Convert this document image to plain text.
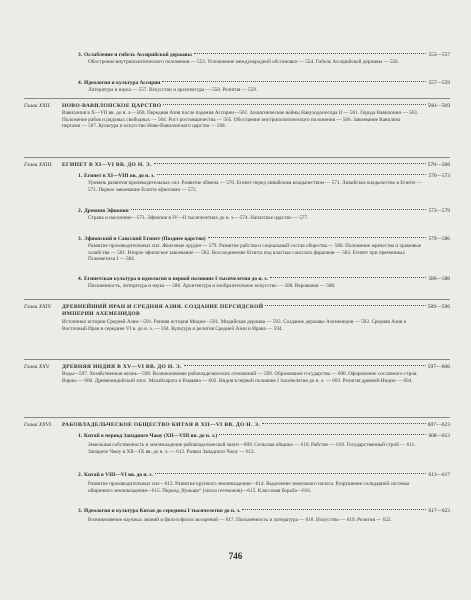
3. Ослабление и гибель Ассирийской державы	553—557
Обострение внутриполитического положения — 553. Усложнение международной обстановки — 554. Гибель Ассирийской державы — 556.
4. Идеология и культура Ассирии	557—559
Литература и наука — 557. Искусство и архитектура — 558. Религия — 559.
Глава XXII.	НОВО-ВАВИЛОНСКОЕ ЦАРСТВО	560—569
Вавилония в X—VII вв. до н. э.—560. Передняя Азия после падения Ассирии—561. Захватнические войны Навуходоносора II — 561. Города Вавилонии — 563. Положение рабов и рядовых свободных — 564. Рост ростовщичества — 565. Обострение внутриполитического положения — 566. Завоевание Вавилона персами — 567. Культура и искусство Ново-Вавилонского царства — 568.
Глава XXIII.	ЕГИПЕТ В XI—VI ВВ. ДО Н. Э.	570—588
1. Египет в XI—VIII вв. до н. э.	570—573
Уровень развития производительных сил. Развитие обмена — 570. Египет перед ливийским владычеством — 571. Ливийское владычество в Египте — 571. Первое завоевание Египта эфиопами — 572.
2. Древняя Эфиопия	573—579
Страна и население—573. Эфиопия в IV—II тысячелетиях до н. э.—574. Напатское царство — 577.
3. Эфиопский и Саисский Египет (Позднее царство)	579—586
Развитие производительных сил. Железные орудия — 579. Развитие рабства и социальный состав общества — 580. Положение жречества и храмовые хозяйства — 581. Второе эфиопское завоевание — 582. Воссоединение Египта под властью саисских фараонов — 583. Египет при преемниках Псамметиха I — 584.
4. Египетская культура и идеология в первой половине I тысячелетия до н. э.	586—588
Письменность, литература и наука — 586. Архитектура и изобразительное искусство — 588. Верования — 588.
Глава XXIV.	ДРЕВНЕЙШИЙ ИРАН И СРЕДНЯЯ АЗИЯ. СОЗДАНИЕ ПЕРСИДСКОЙ	589—596
ИМПЕРИИ АХЕМЕНИДОВ
Источники истории Средней Азии—591. Ранняя история Мидии—591. Мидийская держава — 593. Создание державы Ахеменидов — 593. Средняя Азия и Восточный Иран в середине VI в. до н. э. — 594. Культура и религия Средней Азии и Ирана — 594.
Глава XXV.	ДРЕВНЯЯ ИНДИЯ В XV—VI ВВ. ДО Н. Э.	597—606
Веды—597. Хозяйственная жизнь—598. Возникновение рабовладельческих отношений — 599. Образование государства — 600. Оформление сословного строя. Варны — 600. Древнеиндийский эпос. Махабхарата и Рамаяна — 602. Индия в первой половине I тысячелетия до н. э. — 603. Религия древней Индии — 604.
Глава XXVI.	РАБОВЛАДЕЛЬЧЕСКОЕ ОБЩЕСТВО КИТАЯ В XII—VI ВВ. ДО Н. Э.	607—623
1. Китай в период Западного Чжоу (XII—VIII вв. до н. э.)	608—613
Земельная собственность и землевладение рабовладельческой знати—609. Сельская община — 610. Рабство — 610. Государственный строй — 611. Западное Чжоу в XII—IX вв. до н. э. — 612. Развал Западного Чжоу — 612.
2. Китай в VIII—VI вв. до н. э.	613—617
Развитие производительных сил—613. Развитие крупного землевладения—614. Выделение земельного налога. Разрушение солидарной системы общинного землевладения—615. Период „Чуньцю“ (эпоха гегемонов)—615. Классовая борьба—616.
3. Идеология и культура Китая до середины I тысячелетия до н. э.	617—623
Возникновение научных знаний и философских воззрений — 617. Письменность и литература — 618. Искусство — 619. Религия — 622.
746
